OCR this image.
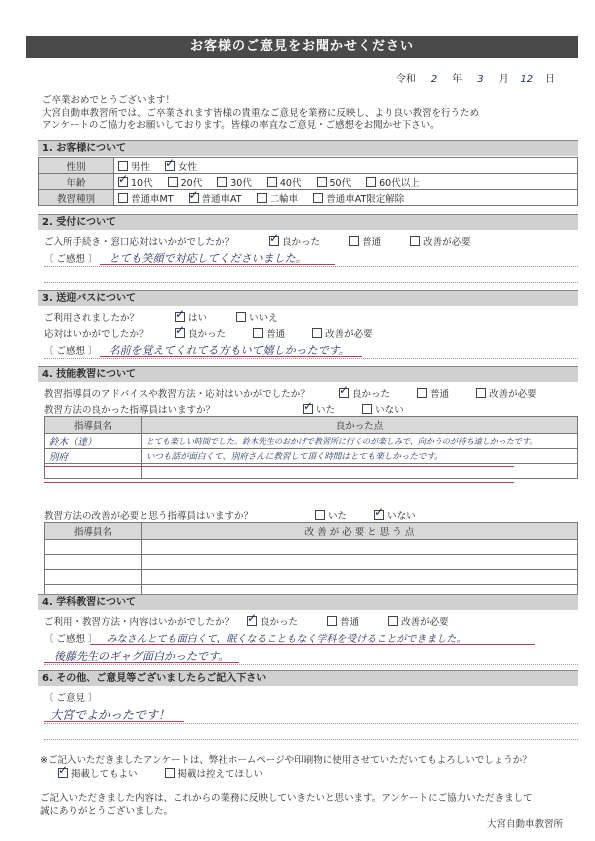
お客様のご意見をお聞かせください
令和 2 年 3 月 12 日
ご卒業おめでとうございます！
大宮自動車教習所では、ご卒業されます皆様の貴重なご意見を業務に反映し、より良い教習を行うため
アンケートのご協力をお願いしております。皆様の率直なご意見・ご感想をお聞かせ下さい。
1. お客様について
性別	男性 ✓ 女性
年齢	✓10代 20代 30代 40代 50代 60代以上
教習種別	普通車MT ✓ 普通車AT 二輪車 普通車AT限定解除
2. 受付について
ご入所手続き・窓口応対はいかがでしたか？ ✓	良かった	普通	改善が必要
〔 ご感想 〕 とても笑顔で対応してくださいました。
3. 送迎バスについて
ご利用されましたか？ ✓	はい	いいえ
応対はいかがでしたか？ ✓	良かった	普通	改善が必要
〔 ご感想 〕 名前を覚えてくれてる方もいて嬉しかったです。
4. 技能教習について
教習指導員のアドバイスや教習方法・応対はいかがでしたか？ ✓	良かった	普通	改善が必要
教習方法の良かった指導員はいますか？ ✓	いた	いない
指導員名	良かった点
鈴木（達）	とても楽しい時間でした。鈴木先生のおかげで教習所に行くのが楽しみで、向かうのが待ち遠しかったです。
別府	いつも話が面白くて、別府さんに教習して頂く時間はとても楽しかったです。

教習方法の改善が必要と思う指導員はいますか？	いた ✓	いない
指導員名	改 善 が 必 要 と 思 う 点

4. 学科教習について
ご利用・教習方法・内容はいかがでしたか？ ✓	良かった	普通	改善が必要
〔 ご感想 〕 みなさんとても面白くて、眠くなることもなく学科を受けることができました。
後藤先生のギャグ面白かったです。
6. その他、ご意見等ございましたらご記入下さい
〔 ご意見 〕
大宮でよかったです！
※ご記入いただきましたアンケートは、弊社ホームページや印刷物に使用させていただいてもよろしいでしょうか？
✓掲載してもよい	掲載は控えてほしい
ご記入いただきました内容は、これからの業務に反映していきたいと思います。アンケートにご協力いただきまして
誠にありがとうございました。
大宮自動車教習所
